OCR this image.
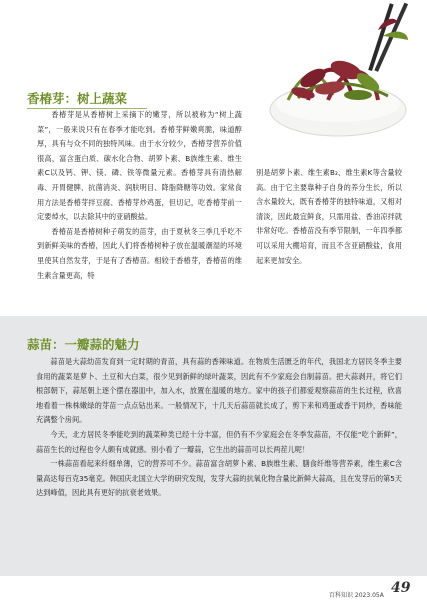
香椿芽：树上蔬菜

香椿芽是从香椿树上采摘下的嫩芽，所以被称为“树上蔬菜”，一般来说只有在春季才能吃到。香椿芽鲜嫩爽脆，味道醇厚，具有与众不同的独特风味。由于水分较少，香椿芽营养价值很高，富含蛋白质、碳水化合物、胡萝卜素、B族维生素、维生素C以及钙、钾、镁、磷、铁等微量元素。香椿芽具有清热解毒、开胃健脾、抗菌消炎、润肤明目、降脂降糖等功效。家常食用方法是香椿芽拌豆腐、香椿芽炒鸡蛋，但切记，吃香椿芽前一定要焯水，以去除其中的亚硝酸盐。

香椿苗是香椿树种子萌发的苗芽，由于夏秋冬三季几乎吃不到新鲜美味的香椿，因此人们将香椿树种子放在温暖潮湿的环境里使其自然发芽，于是有了香椿苗。相较于香椿芽，香椿苗的维生素含量更高，特

别是胡萝卜素、维生素B₂、维生素K等含量较高。由于它主要靠种子自身的养分生长，所以含水量较大，既有香椿芽的独特味道，又相对清淡，因此最宜鲜食，只需用盐、香油凉拌就非常好吃。香椿苗没有季节限制，一年四季都可以采用大棚培育，而且不含亚硝酸盐，食用起来更加安全。

蒜苗：一瓣蒜的魅力

蒜苗是大蒜幼苗发育到一定时期的青苗，具有蒜的香辣味道。在物质生活匮乏的年代，我国北方居民冬季主要食用的蔬菜是萝卜、土豆和大白菜，很少见到新鲜的绿叶蔬菜，因此有不少家庭会自制蒜苗。把大蒜剥开，将它们根部朝下，蒜尾朝上逐个摆在器皿中，加入水，放置在温暖的地方。家中的孩子们都爱观察蒜苗的生长过程，欣喜地看着一株株嫩绿的芽苗一点点钻出来。一般情况下，十几天后蒜苗就长成了，剪下来和鸡蛋或香干同炒，香味能充满整个房间。

今天，北方居民冬季能吃到的蔬菜种类已经十分丰富，但仍有不少家庭会在冬季发蒜苗，不仅能“吃个新鲜”，蒜苗生长的过程也令人颇有成就感。别小看了一瓣蒜，它生出的蒜苗可以长两茬儿呢！

一株蒜苗看起来纤细单薄，它的营养可不少。蒜苗富含胡萝卜素、B族维生素、膳食纤维等营养素，维生素C含量高达每百克35毫克。韩国庆北国立大学的研究发现，发芽大蒜的抗氧化物含量比新鲜大蒜高，且在发芽后的第5天达到峰值，因此具有更好的抗衰老效果。

百科知识 2023.05A 49
